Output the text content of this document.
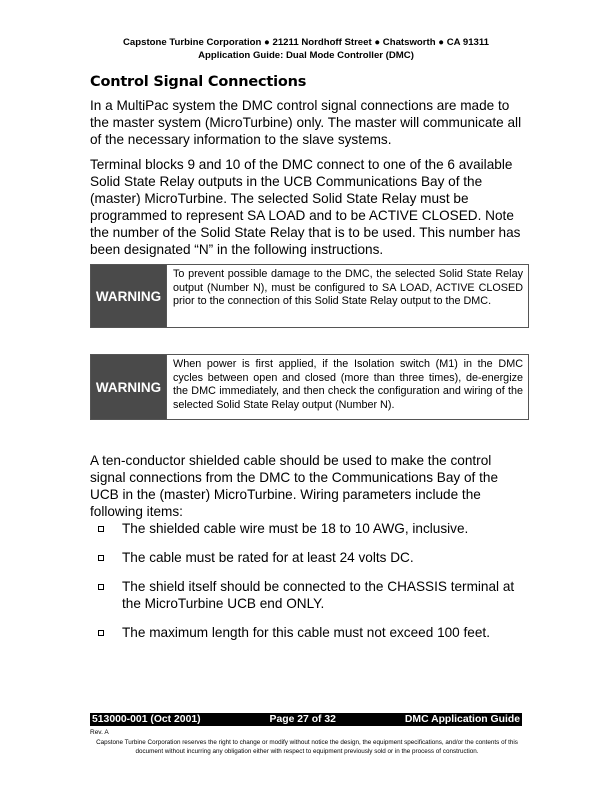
Capstone Turbine Corporation ● 21211 Nordhoff Street ● Chatsworth ● CA 91311
Application Guide: Dual Mode Controller (DMC)
Control Signal Connections
In a MultiPac system the DMC control signal connections are made to the master system (MicroTurbine) only. The master will communicate all of the necessary information to the slave systems.
Terminal blocks 9 and 10 of the DMC connect to one of the 6 available Solid State Relay outputs in the UCB Communications Bay of the (master) MicroTurbine. The selected Solid State Relay must be programmed to represent SA LOAD and to be ACTIVE CLOSED. Note the number of the Solid State Relay that is to be used. This number has been designated “N” in the following instructions.
WARNING
To prevent possible damage to the DMC, the selected Solid State Relay output (Number N), must be configured to SA LOAD, ACTIVE CLOSED prior to the connection of this Solid State Relay output to the DMC.
WARNING
When power is first applied, if the Isolation switch (M1) in the DMC cycles between open and closed (more than three times), de-energize the DMC immediately, and then check the configuration and wiring of the selected Solid State Relay output (Number N).
A ten-conductor shielded cable should be used to make the control signal connections from the DMC to the Communications Bay of the UCB in the (master) MicroTurbine. Wiring parameters include the following items:
The shielded cable wire must be 18 to 10 AWG, inclusive.
The cable must be rated for at least 24 volts DC.
The shield itself should be connected to the CHASSIS terminal at the MicroTurbine UCB end ONLY.
The maximum length for this cable must not exceed 100 feet.
513000-001 (Oct 2001)	Page 27 of 32	DMC Application Guide
Rev. A
Capstone Turbine Corporation reserves the right to change or modify without notice the design, the equipment specifications, and/or the contents of this document without incurring any obligation either with respect to equipment previously sold or in the process of construction.
